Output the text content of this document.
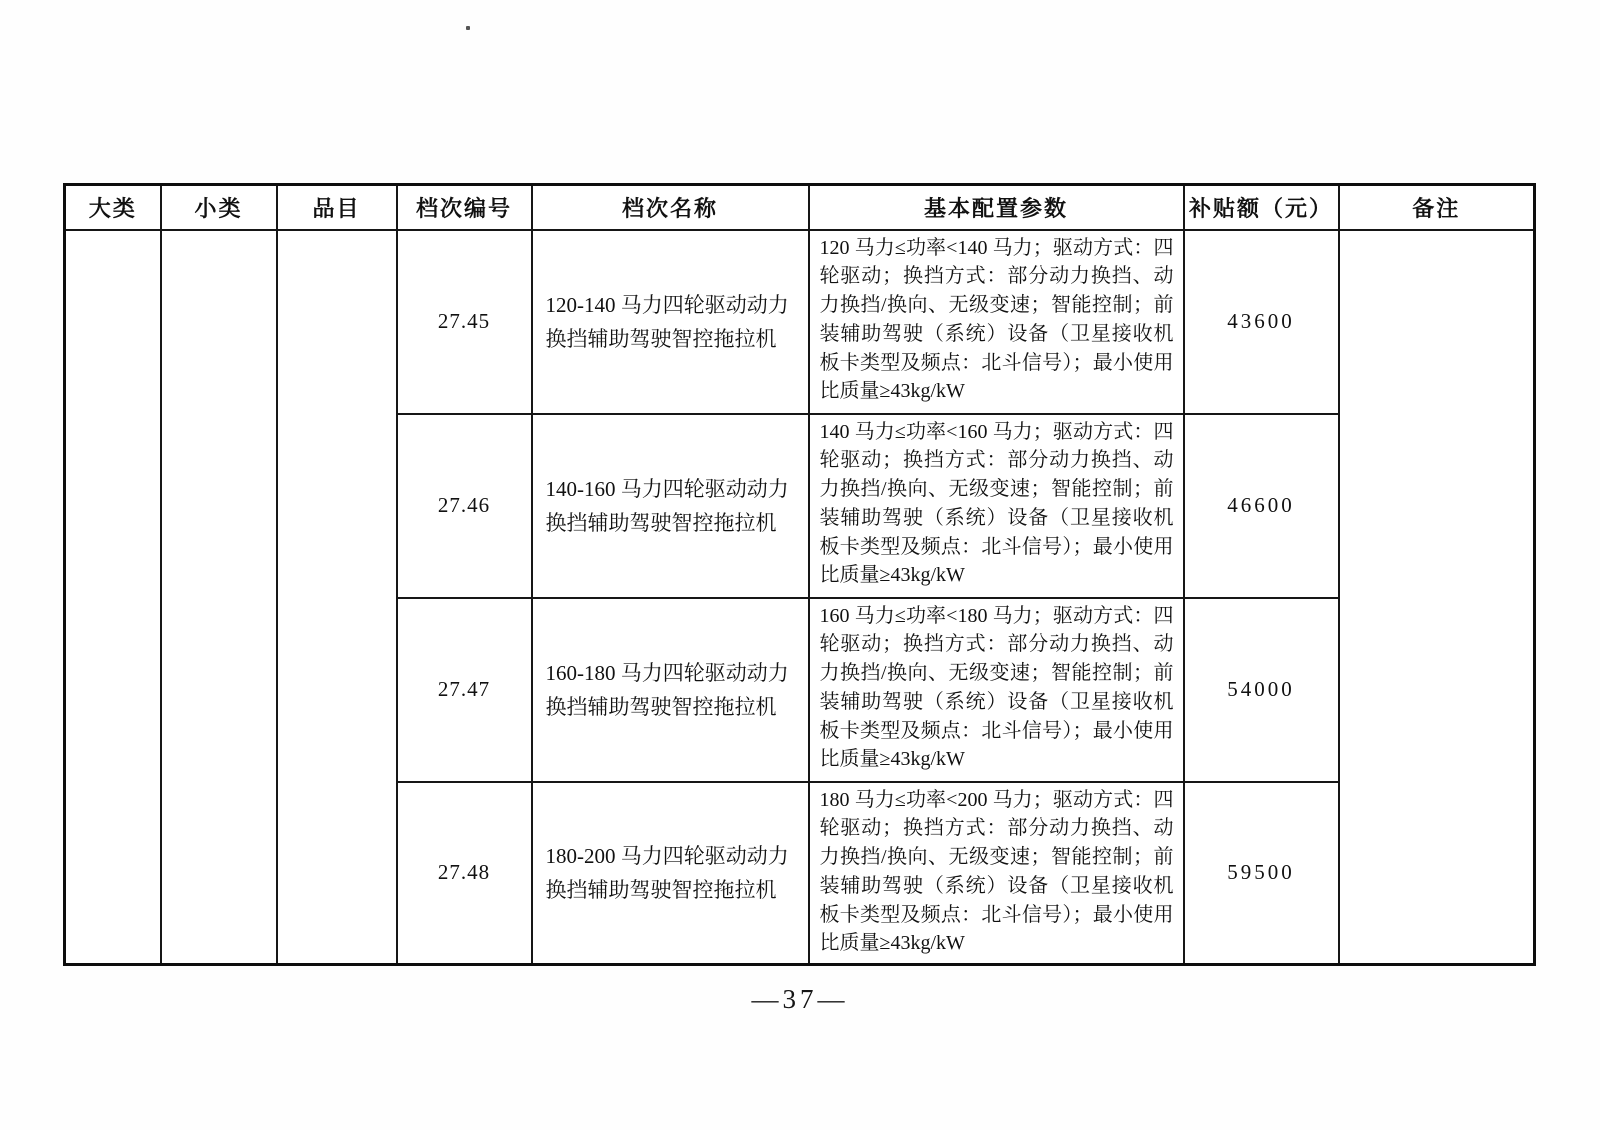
大类	小类	品目	档次编号	档次名称	基本配置参数	补贴额（元）	备注
			27.45	120-140 马力四轮驱动动力换挡辅助驾驶智控拖拉机	120 马力≤功率<140 马力；驱动方式：四轮驱动；换挡方式：部分动力换挡、动力换挡/换向、无级变速；智能控制；前装辅助驾驶（系统）设备（卫星接收机板卡类型及频点：北斗信号）；最小使用比质量≥43kg/kW	43600	
			27.46	140-160 马力四轮驱动动力换挡辅助驾驶智控拖拉机	140 马力≤功率<160 马力；驱动方式：四轮驱动；换挡方式：部分动力换挡、动力换挡/换向、无级变速；智能控制；前装辅助驾驶（系统）设备（卫星接收机板卡类型及频点：北斗信号）；最小使用比质量≥43kg/kW	46600	
			27.47	160-180 马力四轮驱动动力换挡辅助驾驶智控拖拉机	160 马力≤功率<180 马力；驱动方式：四轮驱动；换挡方式：部分动力换挡、动力换挡/换向、无级变速；智能控制；前装辅助驾驶（系统）设备（卫星接收机板卡类型及频点：北斗信号）；最小使用比质量≥43kg/kW	54000	
			27.48	180-200 马力四轮驱动动力换挡辅助驾驶智控拖拉机	180 马力≤功率<200 马力；驱动方式：四轮驱动；换挡方式：部分动力换挡、动力换挡/换向、无级变速；智能控制；前装辅助驾驶（系统）设备（卫星接收机板卡类型及频点：北斗信号）；最小使用比质量≥43kg/kW	59500	
—37—
